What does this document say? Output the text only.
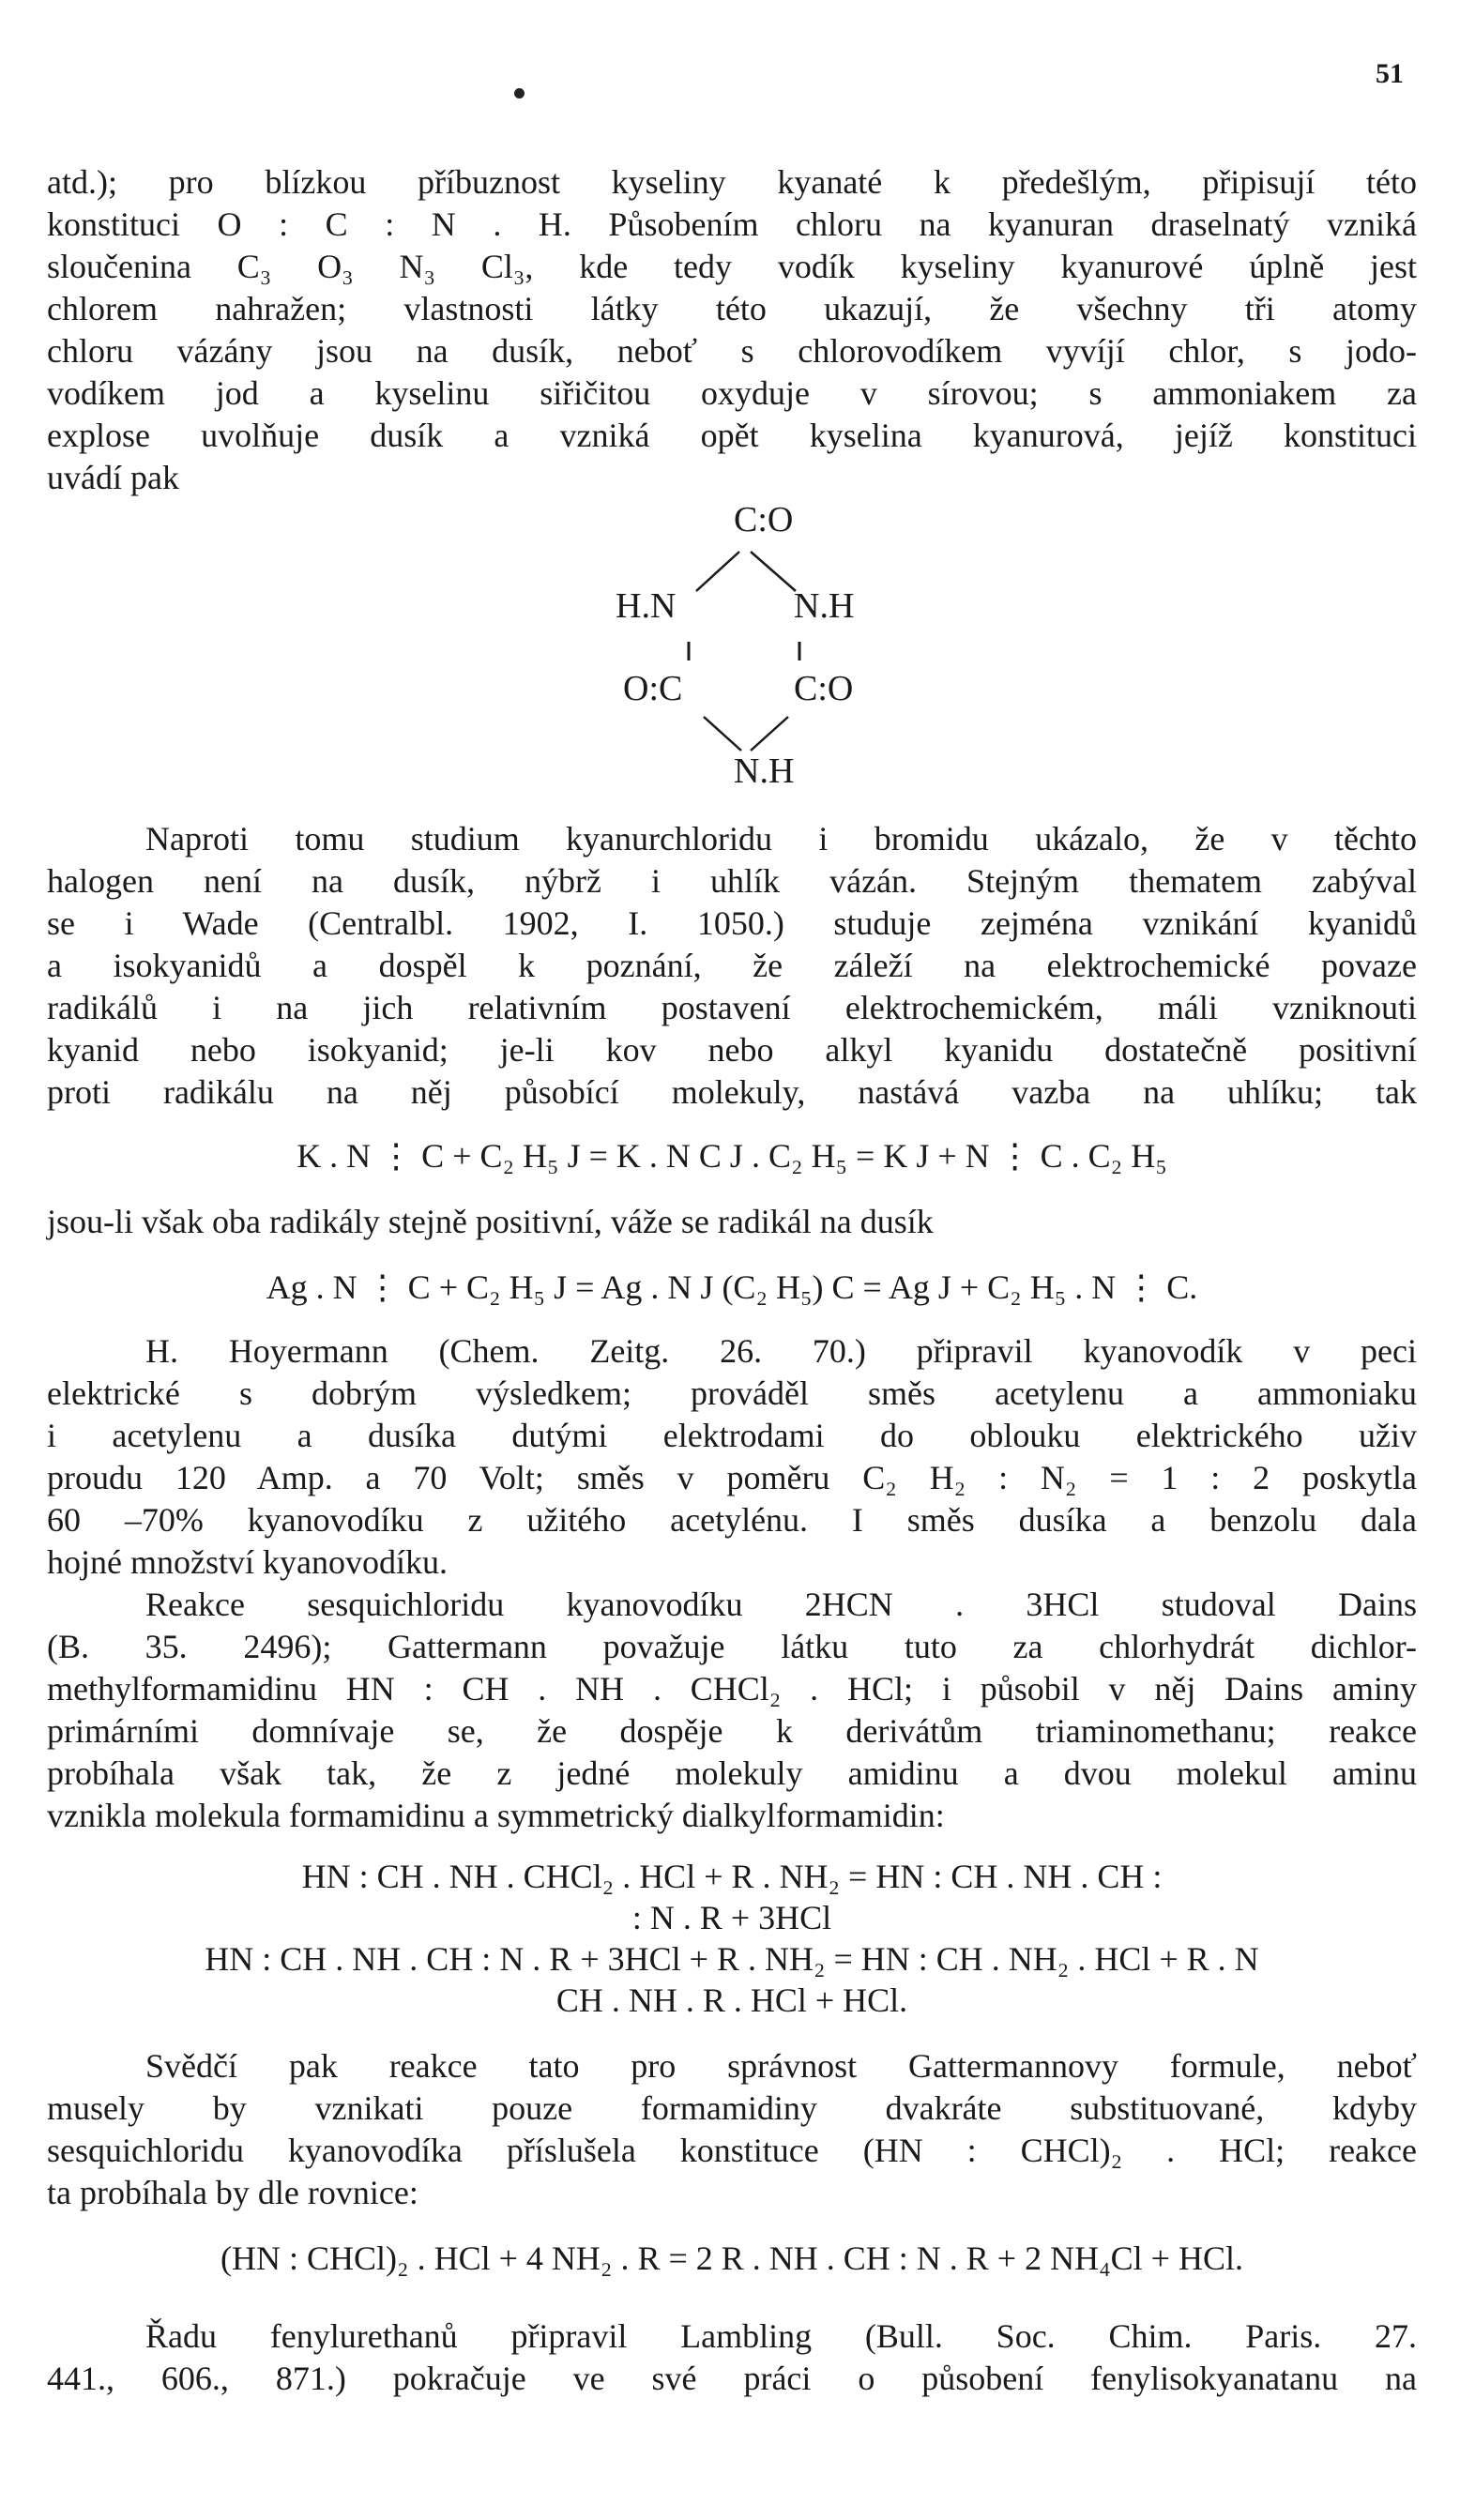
51
atd.); pro blízkou příbuznost kyseliny kyanaté k předešlým, připisují této
konstituci O : C : N . H. Působením chloru na kyanuran draselnatý vzniká
sloučenina C₃ O₃ N₃ Cl₃, kde tedy vodík kyseliny kyanurové úplně jest
chlorem nahražen; vlastnosti látky této ukazují, že všechny tři atomy
chloru vázány jsou na dusík, neboť s chlorovodíkem vyvíjí chlor, s jodo-
vodíkem jod a kyselinu siřičitou oxyduje v sírovou; s ammoniakem za
explose uvolňuje dusík a vzniká opět kyselina kyanurová, jejíž konstituci
uvádí pak
C:O
H.N	N.H
O:C	C:O
N.H
Naproti tomu studium kyanurchloridu i bromidu ukázalo, že v těchto
halogen není na dusík, nýbrž i uhlík vázán. Stejným thematem zabýval
se i Wade (Centralbl. 1902, I. 1050.) studuje zejména vznikání kyanidů
a isokyanidů a dospěl k poznání, že záleží na elektrochemické povaze
radikálů i na jich relativním postavení elektrochemickém, máli vzniknouti
kyanid nebo isokyanid; je-li kov nebo alkyl kyanidu dostatečně positivní
proti radikálu na něj působící molekuly, nastává vazba na uhlíku; tak
K . N ⋮ C + C₂ H₅ J = K . N C J . C₂ H₅ = K J + N ⋮ C . C₂ H₅
jsou-li však oba radikály stejně positivní, váže se radikál na dusík
Ag . N ⋮ C + C₂ H₅ J = Ag . N J (C₂ H₅) C = Ag J + C₂ H₅ . N ⋮ C.
H. Hoyermann (Chem. Zeitg. 26. 70.) připravil kyanovodík v peci
elektrické s dobrým výsledkem; prováděl směs acetylenu a ammoniaku
i acetylenu a dusíka dutými elektrodami do oblouku elektrického uživ
proudu 120 Amp. a 70 Volt; směs v poměru C₂ H₂ : N₂ = 1 : 2 poskytla
60 –70% kyanovodíku z užitého acetylénu. I směs dusíka a benzolu dala
hojné množství kyanovodíku.
Reakce sesquichloridu kyanovodíku 2HCN . 3HCl studoval Dains
(B. 35. 2496); Gattermann považuje látku tuto za chlorhydrát dichlor-
methylformamidinu HN : CH . NH . CHCl₂ . HCl; i působil v něj Dains aminy
primárními domnívaje se, že dospěje k derivátům triaminomethanu; reakce
probíhala však tak, že z jedné molekuly amidinu a dvou molekul aminu
vznikla molekula formamidinu a symmetrický dialkylformamidin:
HN : CH . NH . CHCl₂ . HCl + R . NH₂ = HN : CH . NH . CH :
: N . R + 3HCl
HN : CH . NH . CH : N . R + 3HCl + R . NH₂ = HN : CH . NH₂ . HCl + R . N
CH . NH . R . HCl + HCl.
Svědčí pak reakce tato pro správnost Gattermannovy formule, neboť
musely by vznikati pouze formamidiny dvakráte substituované, kdyby
sesquichloridu kyanovodíka příslušela konstituce (HN : CHCl)₂ . HCl; reakce
ta probíhala by dle rovnice:
(HN : CHCl)₂ . HCl + 4 NH₂ . R = 2 R . NH . CH : N . R + 2 NH₄Cl + HCl.
Řadu fenylurethanů připravil Lambling (Bull. Soc. Chim. Paris. 27.
441., 606., 871.) pokračuje ve své práci o působení fenylisokyanatanu na
